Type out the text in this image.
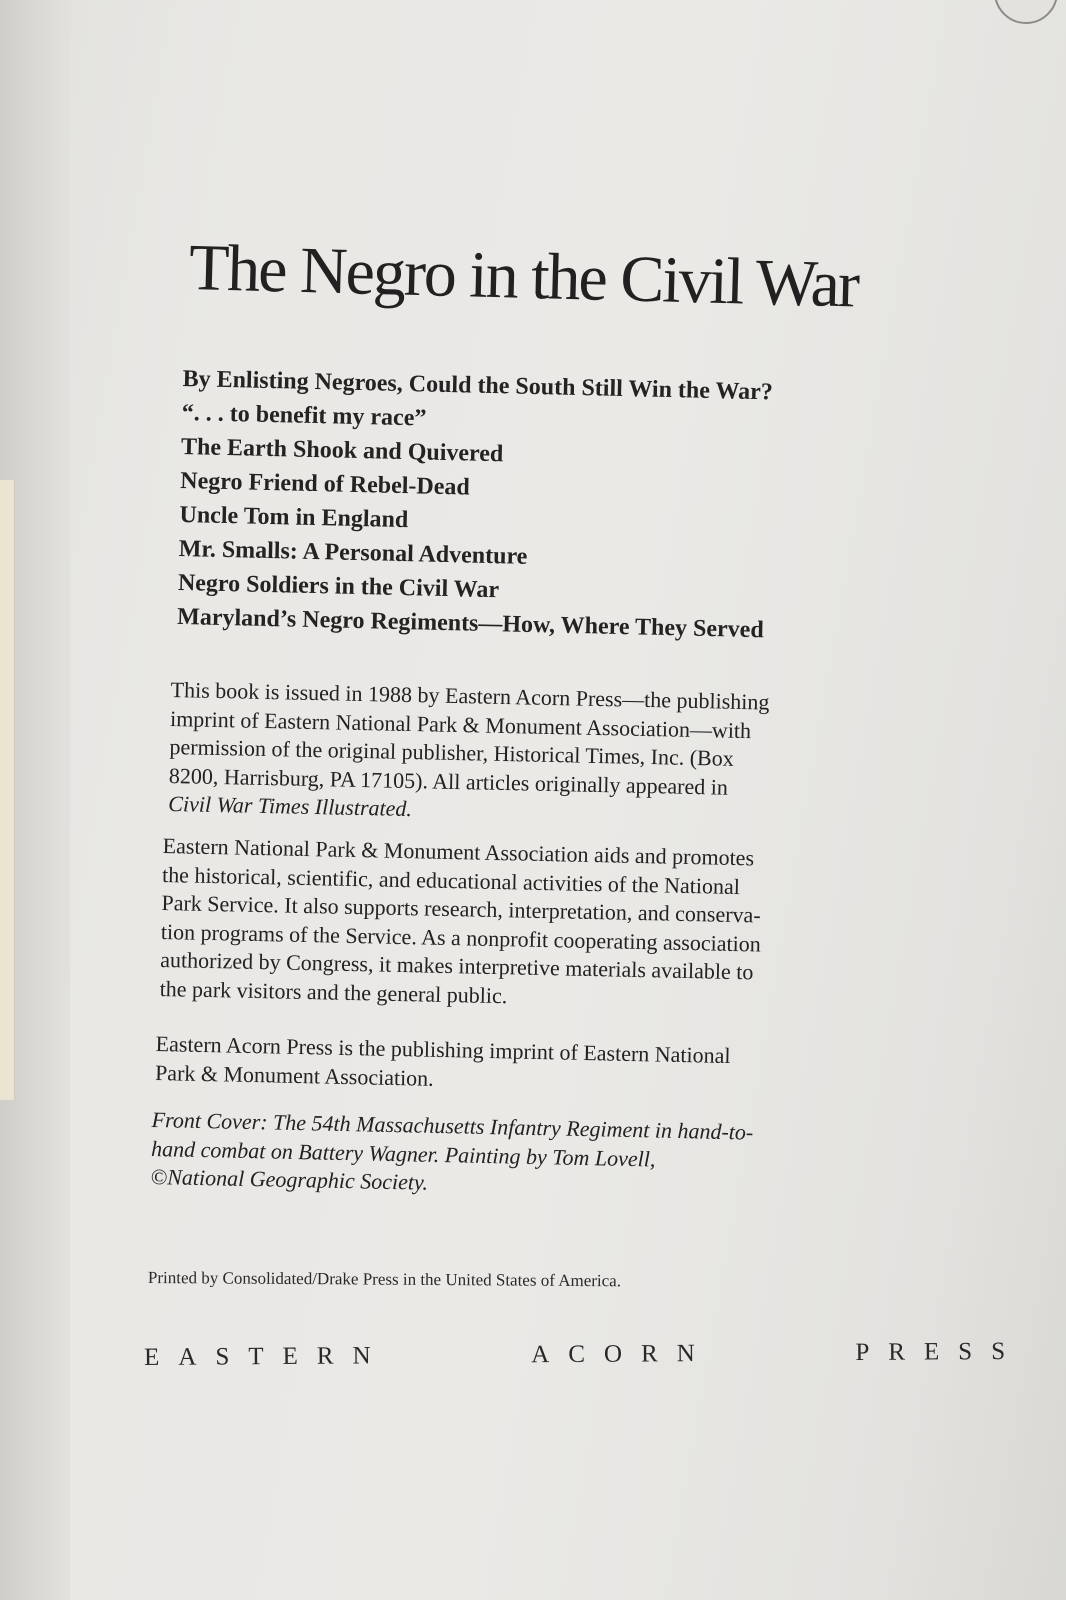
The Negro in the Civil War
By Enlisting Negroes, Could the South Still Win the War?
“. . . to benefit my race”
The Earth Shook and Quivered
Negro Friend of Rebel-Dead
Uncle Tom in England
Mr. Smalls: A Personal Adventure
Negro Soldiers in the Civil War
Maryland’s Negro Regiments—How, Where They Served
This book is issued in 1988 by Eastern Acorn Press—the publishing
imprint of Eastern National Park & Monument Association—with
permission of the original publisher, Historical Times, Inc. (Box
8200, Harrisburg, PA 17105). All articles originally appeared in
Civil War Times Illustrated.
Eastern National Park & Monument Association aids and promotes
the historical, scientific, and educational activities of the National
Park Service. It also supports research, interpretation, and conserva-
tion programs of the Service. As a nonprofit cooperating association
authorized by Congress, it makes interpretive materials available to
the park visitors and the general public.
Eastern Acorn Press is the publishing imprint of Eastern National
Park & Monument Association.
Front Cover: The 54th Massachusetts Infantry Regiment in hand-to-
hand combat on Battery Wagner. Painting by Tom Lovell,
©National Geographic Society.
Printed by Consolidated/Drake Press in the United States of America.
EASTERN	ACORN	PRESS
